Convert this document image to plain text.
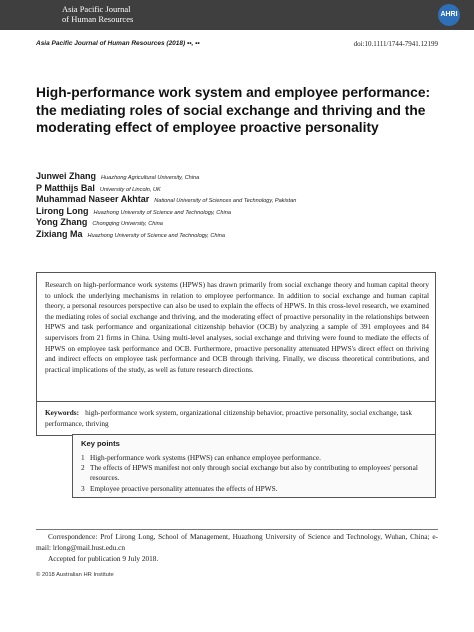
Asia Pacific Journal
of Human Resources	AHRI
Asia Pacific Journal of Human Resources (2018) ••, ••	doi:10.1111/1744-7941.12199
High-performance work system and employee performance: the mediating roles of social exchange and thriving and the moderating effect of employee proactive personality
Junwei Zhang Huazhong Agricultural University, China
P Matthijs Bal University of Lincoln, UK
Muhammad Naseer Akhtar National University of Sciences and Technology, Pakistan
Lirong Long Huazhong University of Science and Technology, China
Yong Zhang Chongqing University, China
Zixiang Ma Huazhong University of Science and Technology, China
Research on high-performance work systems (HPWS) has drawn primarily from social exchange theory and human capital theory to unlock the underlying mechanisms in relation to employee performance. In addition to social exchange and human capital theory, a personal resources perspective can also be used to explain the effects of HPWS. In this cross-level research, we examined the mediating roles of social exchange and thriving, and the moderating effect of proactive personality in the relationships between HPWS and task performance and organizational citizenship behavior (OCB) by analyzing a sample of 391 employees and 84 supervisors from 21 firms in China. Using multi-level analyses, social exchange and thriving were found to mediate the effects of HPWS on employee task performance and OCB. Furthermore, proactive personality attenuated HPWS's direct effect on thriving and indirect effects on employee task performance and OCB through thriving. Finally, we discuss theoretical contributions, and practical implications of the study, as well as future research directions.
Keywords: high-performance work system, organizational citizenship behavior, proactive personality, social exchange, task performance, thriving
Key points
1 High-performance work systems (HPWS) can enhance employee performance.
2 The effects of HPWS manifest not only through social exchange but also by contributing to employees' personal resources.
3 Employee proactive personality attenuates the effects of HPWS.
Correspondence: Prof Lirong Long, School of Management, Huazhong University of Science and Technology, Wuhan, China; e-mail: lrlong@mail.hust.edu.cn
Accepted for publication 9 July 2018.
© 2018 Australian HR Institute
